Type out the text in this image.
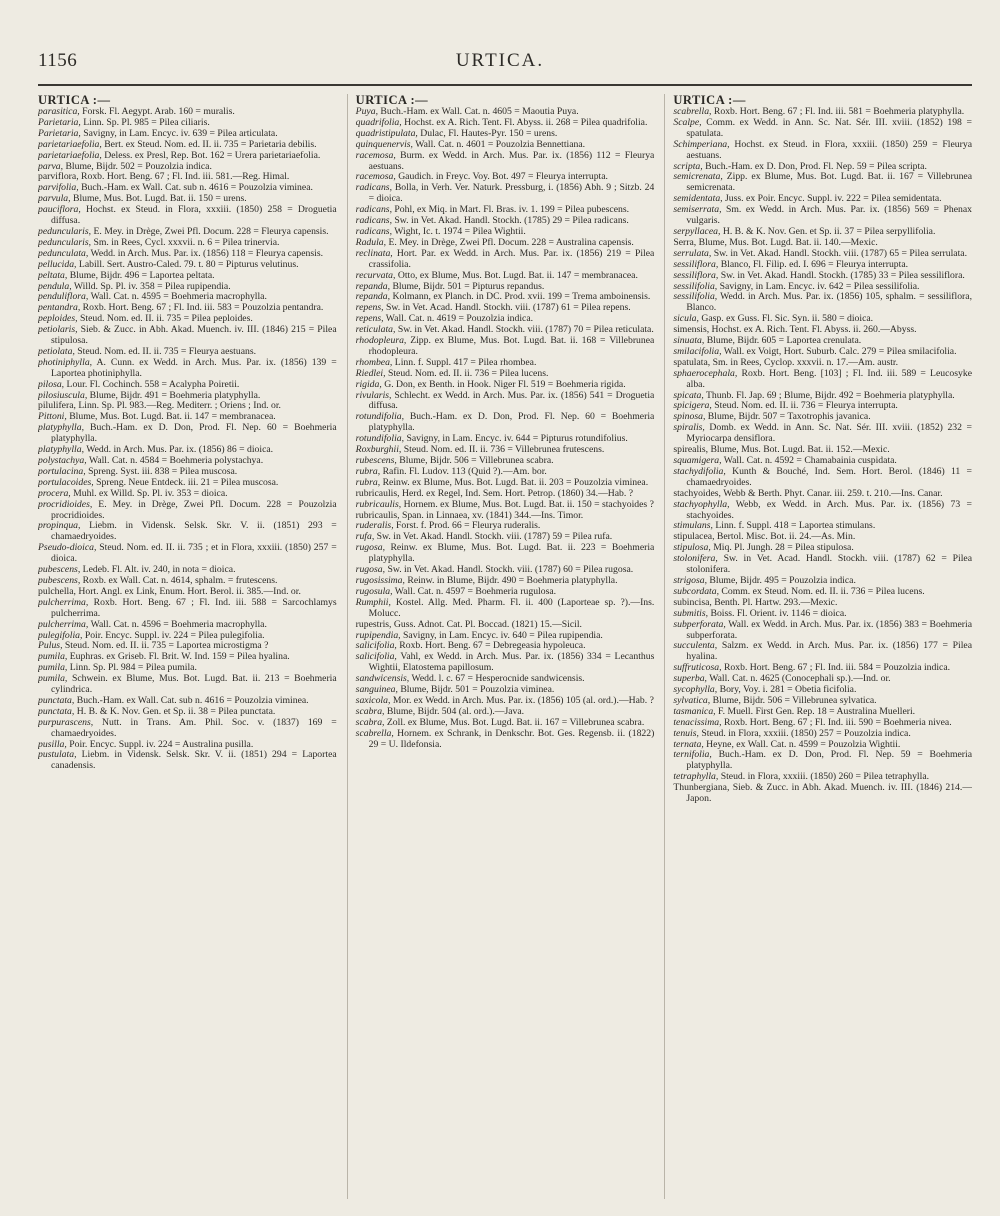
1156	URTICA.
URTICA :—
parasitica, Forsk. Fl. Aegypt. Arab. 160 = muralis.
Parietaria, Linn. Sp. Pl. 985 = Pilea ciliaris.
Parietaria, Savigny, in Lam. Encyc. iv. 639 = Pilea articulata.
parietariaefolia, Bert. ex Steud. Nom. ed. II. ii. 735 = Parietaria debilis.
parietariaefolia, Deless. ex Presl, Rep. Bot. 162 = Urera parietariaefolia.
parva, Blume, Bijdr. 502 = Pouzolzia indica.
parviflora, Roxb. Hort. Beng. 67 ; Fl. Ind. iii. 581.—Reg. Himal.
parvifolia, Buch.-Ham. ex Wall. Cat. sub n. 4616 = Pouzolzia viminea.
parvula, Blume, Mus. Bot. Lugd. Bat. ii. 150 = urens.
pauciflora, Hochst. ex Steud. in Flora, xxxiii. (1850) 258 = Droguetia diffusa.
peduncularis, E. Mey. in Drège, Zwei Pfl. Docum. 228 = Fleurya capensis.
peduncularis, Sm. in Rees, Cycl. xxxvii. n. 6 = Pilea trinervia.
pedunculata, Wedd. in Arch. Mus. Par. ix. (1856) 118 = Fleurya capensis.
pellucida, Labill. Sert. Austro-Caled. 79. t. 80 = Pipturus velutinus.
peltata, Blume, Bijdr. 496 = Laportea peltata.
pendula, Willd. Sp. Pl. iv. 358 = Pilea rupipendia.
penduliflora, Wall. Cat. n. 4595 = Boehmeria macrophylla.
pentandra, Roxb. Hort. Beng. 67 ; Fl. Ind. iii. 583 = Pouzolzia pentandra.
peploides, Steud. Nom. ed. II. ii. 735 = Pilea peploides.
petiolaris, Sieb. & Zucc. in Abh. Akad. Muench. iv. III. (1846) 215 = Pilea stipulosa.
petiolata, Steud. Nom. ed. II. ii. 735 = Fleurya aestuans.
photiniphylla, A. Cunn. ex Wedd. in Arch. Mus. Par. ix. (1856) 139 = Laportea photiniphylla.
pilosa, Lour. Fl. Cochinch. 558 = Acalypha Poiretii.
pilosiuscula, Blume, Bijdr. 491 = Boehmeria platyphylla.
pilulifera, Linn. Sp. Pl. 983.—Reg. Mediterr. ; Oriens ; Ind. or.
Pittoni, Blume, Mus. Bot. Lugd. Bat. ii. 147 = membranacea.
platyphylla, Buch.-Ham. ex D. Don, Prod. Fl. Nep. 60 = Boehmeria platyphylla.
platyphylla, Wedd. in Arch. Mus. Par. ix. (1856) 86 = dioica.
polystachya, Wall. Cat. n. 4584 = Boehmeria polystachya.
portulacina, Spreng. Syst. iii. 838 = Pilea muscosa.
portulacoides, Spreng. Neue Entdeck. iii. 21 = Pilea muscosa.
procera, Muhl. ex Willd. Sp. Pl. iv. 353 = dioica.
procridioides, E. Mey. in Drège, Zwei Pfl. Docum. 228 = Pouzolzia procridioides.
propinqua, Liebm. in Vidensk. Selsk. Skr. V. ii. (1851) 293 = chamaedryoides.
Pseudo-dioica, Steud. Nom. ed. II. ii. 735 ; et in Flora, xxxiii. (1850) 257 = dioica.
pubescens, Ledeb. Fl. Alt. iv. 240, in nota = dioica.
pubescens, Roxb. ex Wall. Cat. n. 4614, sphalm. = frutescens.
pulchella, Hort. Angl. ex Link, Enum. Hort. Berol. ii. 385.—Ind. or.
pulcherrima, Roxb. Hort. Beng. 67 ; Fl. Ind. iii. 588 = Sarcochlamys pulcherrima.
pulcherrima, Wall. Cat. n. 4596 = Boehmeria macrophylla.
pulegifolia, Poir. Encyc. Suppl. iv. 224 = Pilea pulegifolia.
Pulus, Steud. Nom. ed. II. ii. 735 = Laportea microstigma ?
pumila, Euphras. ex Griseb. Fl. Brit. W. Ind. 159 = Pilea hyalina.
pumila, Linn. Sp. Pl. 984 = Pilea pumila.
pumila, Schwein. ex Blume, Mus. Bot. Lugd. Bat. ii. 213 = Boehmeria cylindrica.
punctata, Buch.-Ham. ex Wall. Cat. sub n. 4616 = Pouzolzia viminea.
punctata, H. B. & K. Nov. Gen. et Sp. ii. 38 = Pilea punctata.
purpurascens, Nutt. in Trans. Am. Phil. Soc. v. (1837) 169 = chamaedryoides.
pusilla, Poir. Encyc. Suppl. iv. 224 = Australina pusilla.
pustulata, Liebm. in Vidensk. Selsk. Skr. V. ii. (1851) 294 = Laportea canadensis.
URTICA :—
Puya, Buch.-Ham. ex Wall. Cat. n. 4605 = Maoutia Puya.
quadrifolia, Hochst. ex A. Rich. Tent. Fl. Abyss. ii. 268 = Pilea quadrifolia.
quadristipulata, Dulac, Fl. Hautes-Pyr. 150 = urens.
quinquenervis, Wall. Cat. n. 4601 = Pouzolzia Bennettiana.
racemosa, Burm. ex Wedd. in Arch. Mus. Par. ix. (1856) 112 = Fleurya aestuans.
racemosa, Gaudich. in Freyc. Voy. Bot. 497 = Fleurya interrupta.
radicans, Bolla, in Verh. Ver. Naturk. Pressburg, i. (1856) Abh. 9 ; Sitzb. 24 = dioica.
radicans, Pohl, ex Miq. in Mart. Fl. Bras. iv. 1. 199 = Pilea pubescens.
radicans, Sw. in Vet. Akad. Handl. Stockh. (1785) 29 = Pilea radicans.
radicans, Wight, Ic. t. 1974 = Pilea Wightii.
Radula, E. Mey. in Drège, Zwei Pfl. Docum. 228 = Australina capensis.
reclinata, Hort. Par. ex Wedd. in Arch. Mus. Par. ix. (1856) 219 = Pilea crassifolia.
recurvata, Otto, ex Blume, Mus. Bot. Lugd. Bat. ii. 147 = membranacea.
repanda, Blume, Bijdr. 501 = Pipturus repandus.
repanda, Kolmann, ex Planch. in DC. Prod. xvii. 199 = Trema amboinensis.
repens, Sw. in Vet. Acad. Handl. Stockh. viii. (1787) 61 = Pilea repens.
repens, Wall. Cat. n. 4619 = Pouzolzia indica.
reticulata, Sw. in Vet. Akad. Handl. Stockh. viii. (1787) 70 = Pilea reticulata.
rhodopleura, Zipp. ex Blume, Mus. Bot. Lugd. Bat. ii. 168 = Villebrunea rhodopleura.
rhombea, Linn. f. Suppl. 417 = Pilea rhombea.
Riedlei, Steud. Nom. ed. II. ii. 736 = Pilea lucens.
rigida, G. Don, ex Benth. in Hook. Niger Fl. 519 = Boehmeria rigida.
rivularis, Schlecht. ex Wedd. in Arch. Mus. Par. ix. (1856) 541 = Droguetia diffusa.
rotundifolia, Buch.-Ham. ex D. Don, Prod. Fl. Nep. 60 = Boehmeria platyphylla.
rotundifolia, Savigny, in Lam. Encyc. iv. 644 = Pipturus rotundifolius.
Roxburghii, Steud. Nom. ed. II. ii. 736 = Villebrunea frutescens.
rubescens, Blume, Bijdr. 506 = Villebrunea scabra.
rubra, Rafin. Fl. Ludov. 113 (Quid ?).—Am. bor.
rubra, Reinw. ex Blume, Mus. Bot. Lugd. Bat. ii. 203 = Pouzolzia viminea.
rubricaulis, Herd. ex Regel, Ind. Sem. Hort. Petrop. (1860) 34.—Hab. ?
rubricaulis, Hornem. ex Blume, Mus. Bot. Lugd. Bat. ii. 150 = stachyoides ?
rubricaulis, Span. in Linnaea, xv. (1841) 344.—Ins. Timor.
ruderalis, Forst. f. Prod. 66 = Fleurya ruderalis.
rufa, Sw. in Vet. Akad. Handl. Stockh. viii. (1787) 59 = Pilea rufa.
rugosa, Reinw. ex Blume, Mus. Bot. Lugd. Bat. ii. 223 = Boehmeria platyphylla.
rugosa, Sw. in Vet. Akad. Handl. Stockh. viii. (1787) 60 = Pilea rugosa.
rugosissima, Reinw. in Blume, Bijdr. 490 = Boehmeria platyphylla.
rugosula, Wall. Cat. n. 4597 = Boehmeria rugulosa.
Rumphii, Kostel. Allg. Med. Pharm. Fl. ii. 400 (Laporteae sp. ?).—Ins. Molucc.
rupestris, Guss. Adnot. Cat. Pl. Boccad. (1821) 15.—Sicil.
rupipendia, Savigny, in Lam. Encyc. iv. 640 = Pilea rupipendia.
salicifolia, Roxb. Hort. Beng. 67 = Debregeasia hypoleuca.
salicifolia, Vahl, ex Wedd. in Arch. Mus. Par. ix. (1856) 334 = Lecanthus Wightii, Elatostema papillosum.
sandwicensis, Wedd. l. c. 67 = Hesperocnide sandwicensis.
sanguinea, Blume, Bijdr. 501 = Pouzolzia viminea.
saxicola, Mor. ex Wedd. in Arch. Mus. Par. ix. (1856) 105 (al. ord.).—Hab. ?
scabra, Blume, Bijdr. 504 (al. ord.).—Java.
scabra, Zoll. ex Blume, Mus. Bot. Lugd. Bat. ii. 167 = Villebrunea scabra.
scabrella, Hornem. ex Schrank, in Denkschr. Bot. Ges. Regensb. ii. (1822) 29 = U. Ildefonsia.
URTICA :—
scabrella, Roxb. Hort. Beng. 67 ; Fl. Ind. iii. 581 = Boehmeria platyphylla.
Scalpe, Comm. ex Wedd. in Ann. Sc. Nat. Sér. III. xviii. (1852) 198 = spatulata.
Schimperiana, Hochst. ex Steud. in Flora, xxxiii. (1850) 259 = Fleurya aestuans.
scripta, Buch.-Ham. ex D. Don, Prod. Fl. Nep. 59 = Pilea scripta.
semicrenata, Zipp. ex Blume, Mus. Bot. Lugd. Bat. ii. 167 = Villebrunea semicrenata.
semidentata, Juss. ex Poir. Encyc. Suppl. iv. 222 = Pilea semidentata.
semiserrata, Sm. ex Wedd. in Arch. Mus. Par. ix. (1856) 569 = Phenax vulgaris.
serpyllacea, H. B. & K. Nov. Gen. et Sp. ii. 37 = Pilea serpyllifolia.
Serra, Blume, Mus. Bot. Lugd. Bat. ii. 140.—Mexic.
serrulata, Sw. in Vet. Akad. Handl. Stockh. viii. (1787) 65 = Pilea serrulata.
sessiliflora, Blanco, Fl. Filip. ed. I. 696 = Fleurya interrupta.
sessiliflora, Sw. in Vet. Akad. Handl. Stockh. (1785) 33 = Pilea sessiliflora.
sessilifolia, Savigny, in Lam. Encyc. iv. 642 = Pilea sessilifolia.
sessilifolia, Wedd. in Arch. Mus. Par. ix. (1856) 105, sphalm. = sessiliflora, Blanco.
sicula, Gasp. ex Guss. Fl. Sic. Syn. ii. 580 = dioica.
simensis, Hochst. ex A. Rich. Tent. Fl. Abyss. ii. 260.—Abyss.
sinuata, Blume, Bijdr. 605 = Laportea crenulata.
smilacifolia, Wall. ex Voigt, Hort. Suburb. Calc. 279 = Pilea smilacifolia.
spatulata, Sm. in Rees, Cyclop. xxxvii. n. 17.—Am. austr.
sphaerocephala, Roxb. Hort. Beng. [103] ; Fl. Ind. iii. 589 = Leucosyke alba.
spicata, Thunb. Fl. Jap. 69 ; Blume, Bijdr. 492 = Boehmeria platyphylla.
spicigera, Steud. Nom. ed. II. ii. 736 = Fleurya interrupta.
spinosa, Blume, Bijdr. 507 = Taxotrophis javanica.
spiralis, Domb. ex Wedd. in Ann. Sc. Nat. Sér. III. xviii. (1852) 232 = Myriocarpa densiflora.
spirealis, Blume, Mus. Bot. Lugd. Bat. ii. 152.—Mexic.
squamigera, Wall. Cat. n. 4592 = Chamabainia cuspidata.
stachydifolia, Kunth & Bouché, Ind. Sem. Hort. Berol. (1846) 11 = chamaedryoides.
stachyoides, Webb & Berth. Phyt. Canar. iii. 259. t. 210.—Ins. Canar.
stachyophylla, Webb, ex Wedd. in Arch. Mus. Par. ix. (1856) 73 = stachyoides.
stimulans, Linn. f. Suppl. 418 = Laportea stimulans.
stipulacea, Bertol. Misc. Bot. ii. 24.—As. Min.
stipulosa, Miq. Pl. Jungh. 28 = Pilea stipulosa.
stolonifera, Sw. in Vet. Acad. Handl. Stockh. viii. (1787) 62 = Pilea stolonifera.
strigosa, Blume, Bijdr. 495 = Pouzolzia indica.
subcordata, Comm. ex Steud. Nom. ed. II. ii. 736 = Pilea lucens.
subincisa, Benth. Pl. Hartw. 293.—Mexic.
submitis, Boiss. Fl. Orient. iv. 1146 = dioica.
subperforata, Wall. ex Wedd. in Arch. Mus. Par. ix. (1856) 383 = Boehmeria subperforata.
succulenta, Salzm. ex Wedd. in Arch. Mus. Par. ix. (1856) 177 = Pilea hyalina.
suffruticosa, Roxb. Hort. Beng. 67 ; Fl. Ind. iii. 584 = Pouzolzia indica.
superba, Wall. Cat. n. 4625 (Conocephali sp.).—Ind. or.
sycophylla, Bory, Voy. i. 281 = Obetia ficifolia.
sylvatica, Blume, Bijdr. 506 = Villebrunea sylvatica.
tasmanica, F. Muell. First Gen. Rep. 18 = Australina Muelleri.
tenacissima, Roxb. Hort. Beng. 67 ; Fl. Ind. iii. 590 = Boehmeria nivea.
tenuis, Steud. in Flora, xxxiii. (1850) 257 = Pouzolzia indica.
ternata, Heyne, ex Wall. Cat. n. 4599 = Pouzolzia Wightii.
ternifolia, Buch.-Ham. ex D. Don, Prod. Fl. Nep. 59 = Boehmeria platyphylla.
tetraphylla, Steud. in Flora, xxxiii. (1850) 260 = Pilea tetraphylla.
Thunbergiana, Sieb. & Zucc. in Abh. Akad. Muench. iv. III. (1846) 214.—Japon.
